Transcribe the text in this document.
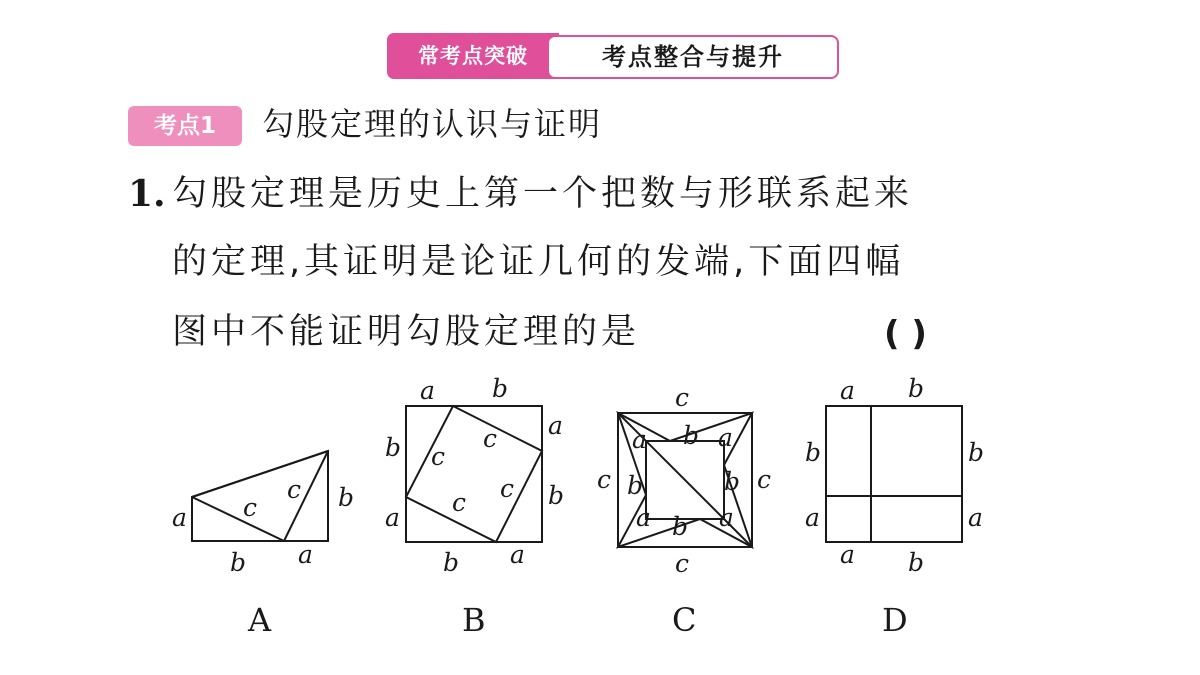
常考点突破	考点整合与提升
考点1	勾股定理的认识与证明
1. 勾股定理是历史上第一个把数与形联系起来
的定理,其证明是论证几何的发端,下面四幅
图中不能证明勾股定理的是	( )
a c
c b
b a
A
a b
a
b	c
c
c
c	b
a
b a
B
c
a b a
c b	b c
a b a
c
C
a b
b	b
a	a
a b
D
